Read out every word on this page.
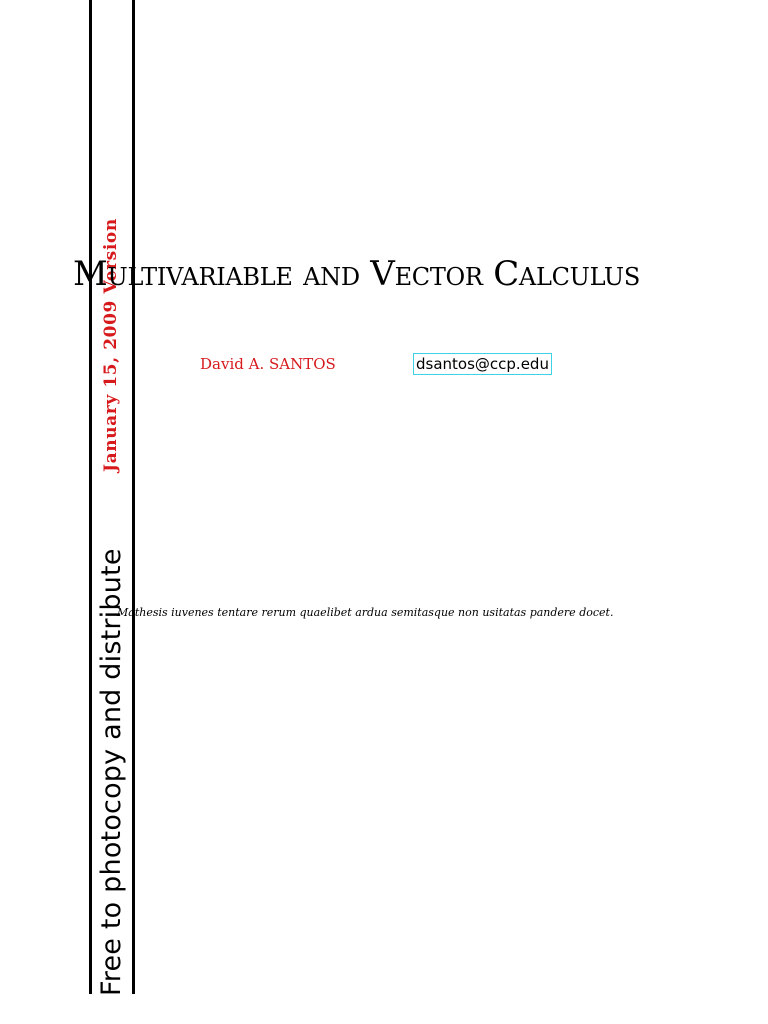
Free to photocopy and distribute
January 15, 2009 Version
Multivariable and Vector Calculus
David A. SANTOS	dsantos@ccp.edu
Mathesis iuvenes tentare rerum quaelibet ardua semitasque non usitatas pandere docet.
